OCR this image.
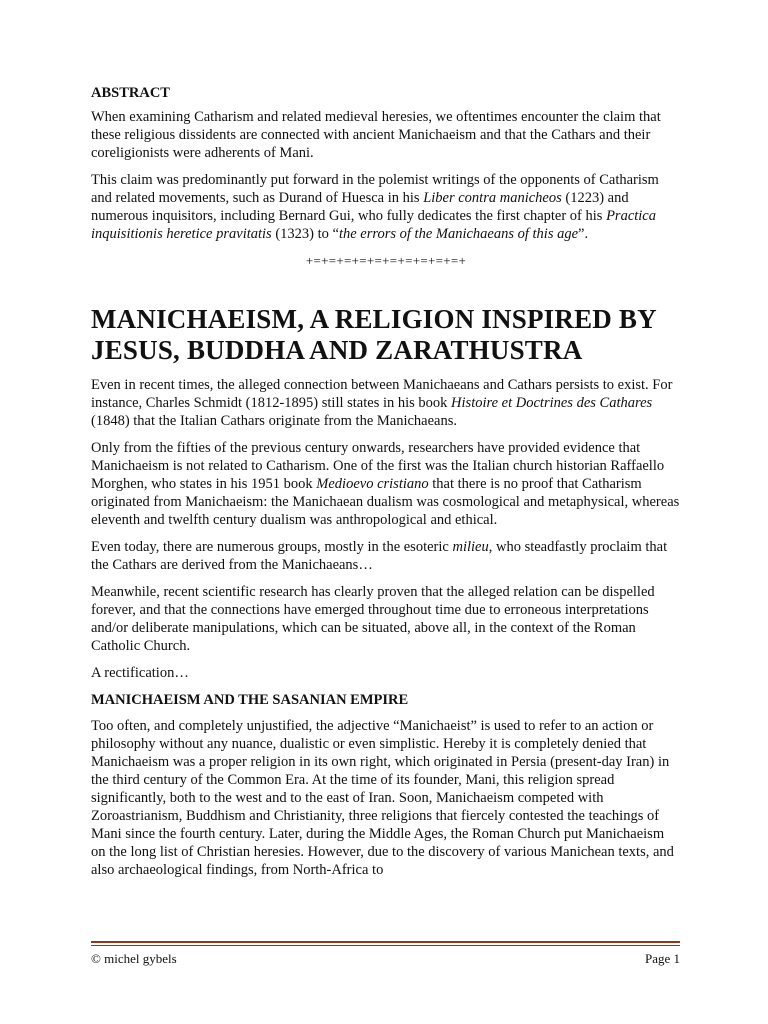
ABSTRACT

When examining Catharism and related medieval heresies, we oftentimes encounter the claim that these religious dissidents are connected with ancient Manichaeism and that the Cathars and their coreligionists were adherents of Mani.

This claim was predominantly put forward in the polemist writings of the opponents of Catharism and related movements, such as Durand of Huesca in his Liber contra manicheos (1223) and numerous inquisitors, including Bernard Gui, who fully dedicates the first chapter of his Practica inquisitionis heretice pravitatis (1323) to “the errors of the Manichaeans of this age”.

+=+=+=+=+=+=+=+=+=+=+
MANICHAEISM, A RELIGION INSPIRED BY JESUS, BUDDHA AND ZARATHUSTRA

Even in recent times, the alleged connection between Manichaeans and Cathars persists to exist. For instance, Charles Schmidt (1812-1895) still states in his book Histoire et Doctrines des Cathares (1848) that the Italian Cathars originate from the Manichaeans.

Only from the fifties of the previous century onwards, researchers have provided evidence that Manichaeism is not related to Catharism. One of the first was the Italian church historian Raffaello Morghen, who states in his 1951 book Medioevo cristiano that there is no proof that Catharism originated from Manichaeism: the Manichaean dualism was cosmological and metaphysical, whereas eleventh and twelfth century dualism was anthropological and ethical.

Even today, there are numerous groups, mostly in the esoteric milieu, who steadfastly proclaim that the Cathars are derived from the Manichaeans…

Meanwhile, recent scientific research has clearly proven that the alleged relation can be dispelled forever, and that the connections have emerged throughout time due to erroneous interpretations and/or deliberate manipulations, which can be situated, above all, in the context of the Roman Catholic Church.

A rectification…

MANICHAEISM AND THE SASANIAN EMPIRE

Too often, and completely unjustified, the adjective “Manichaeist” is used to refer to an action or philosophy without any nuance, dualistic or even simplistic. Hereby it is completely denied that Manichaeism was a proper religion in its own right, which originated in Persia (present-day Iran) in the third century of the Common Era. At the time of its founder, Mani, this religion spread significantly, both to the west and to the east of Iran. Soon, Manichaeism competed with Zoroastrianism, Buddhism and Christianity, three religions that fiercely contested the teachings of Mani since the fourth century. Later, during the Middle Ages, the Roman Church put Manichaeism on the long list of Christian heresies. However, due to the discovery of various Manichean texts, and also archaeological findings, from North-Africa to

© michel gybels	Page 1
